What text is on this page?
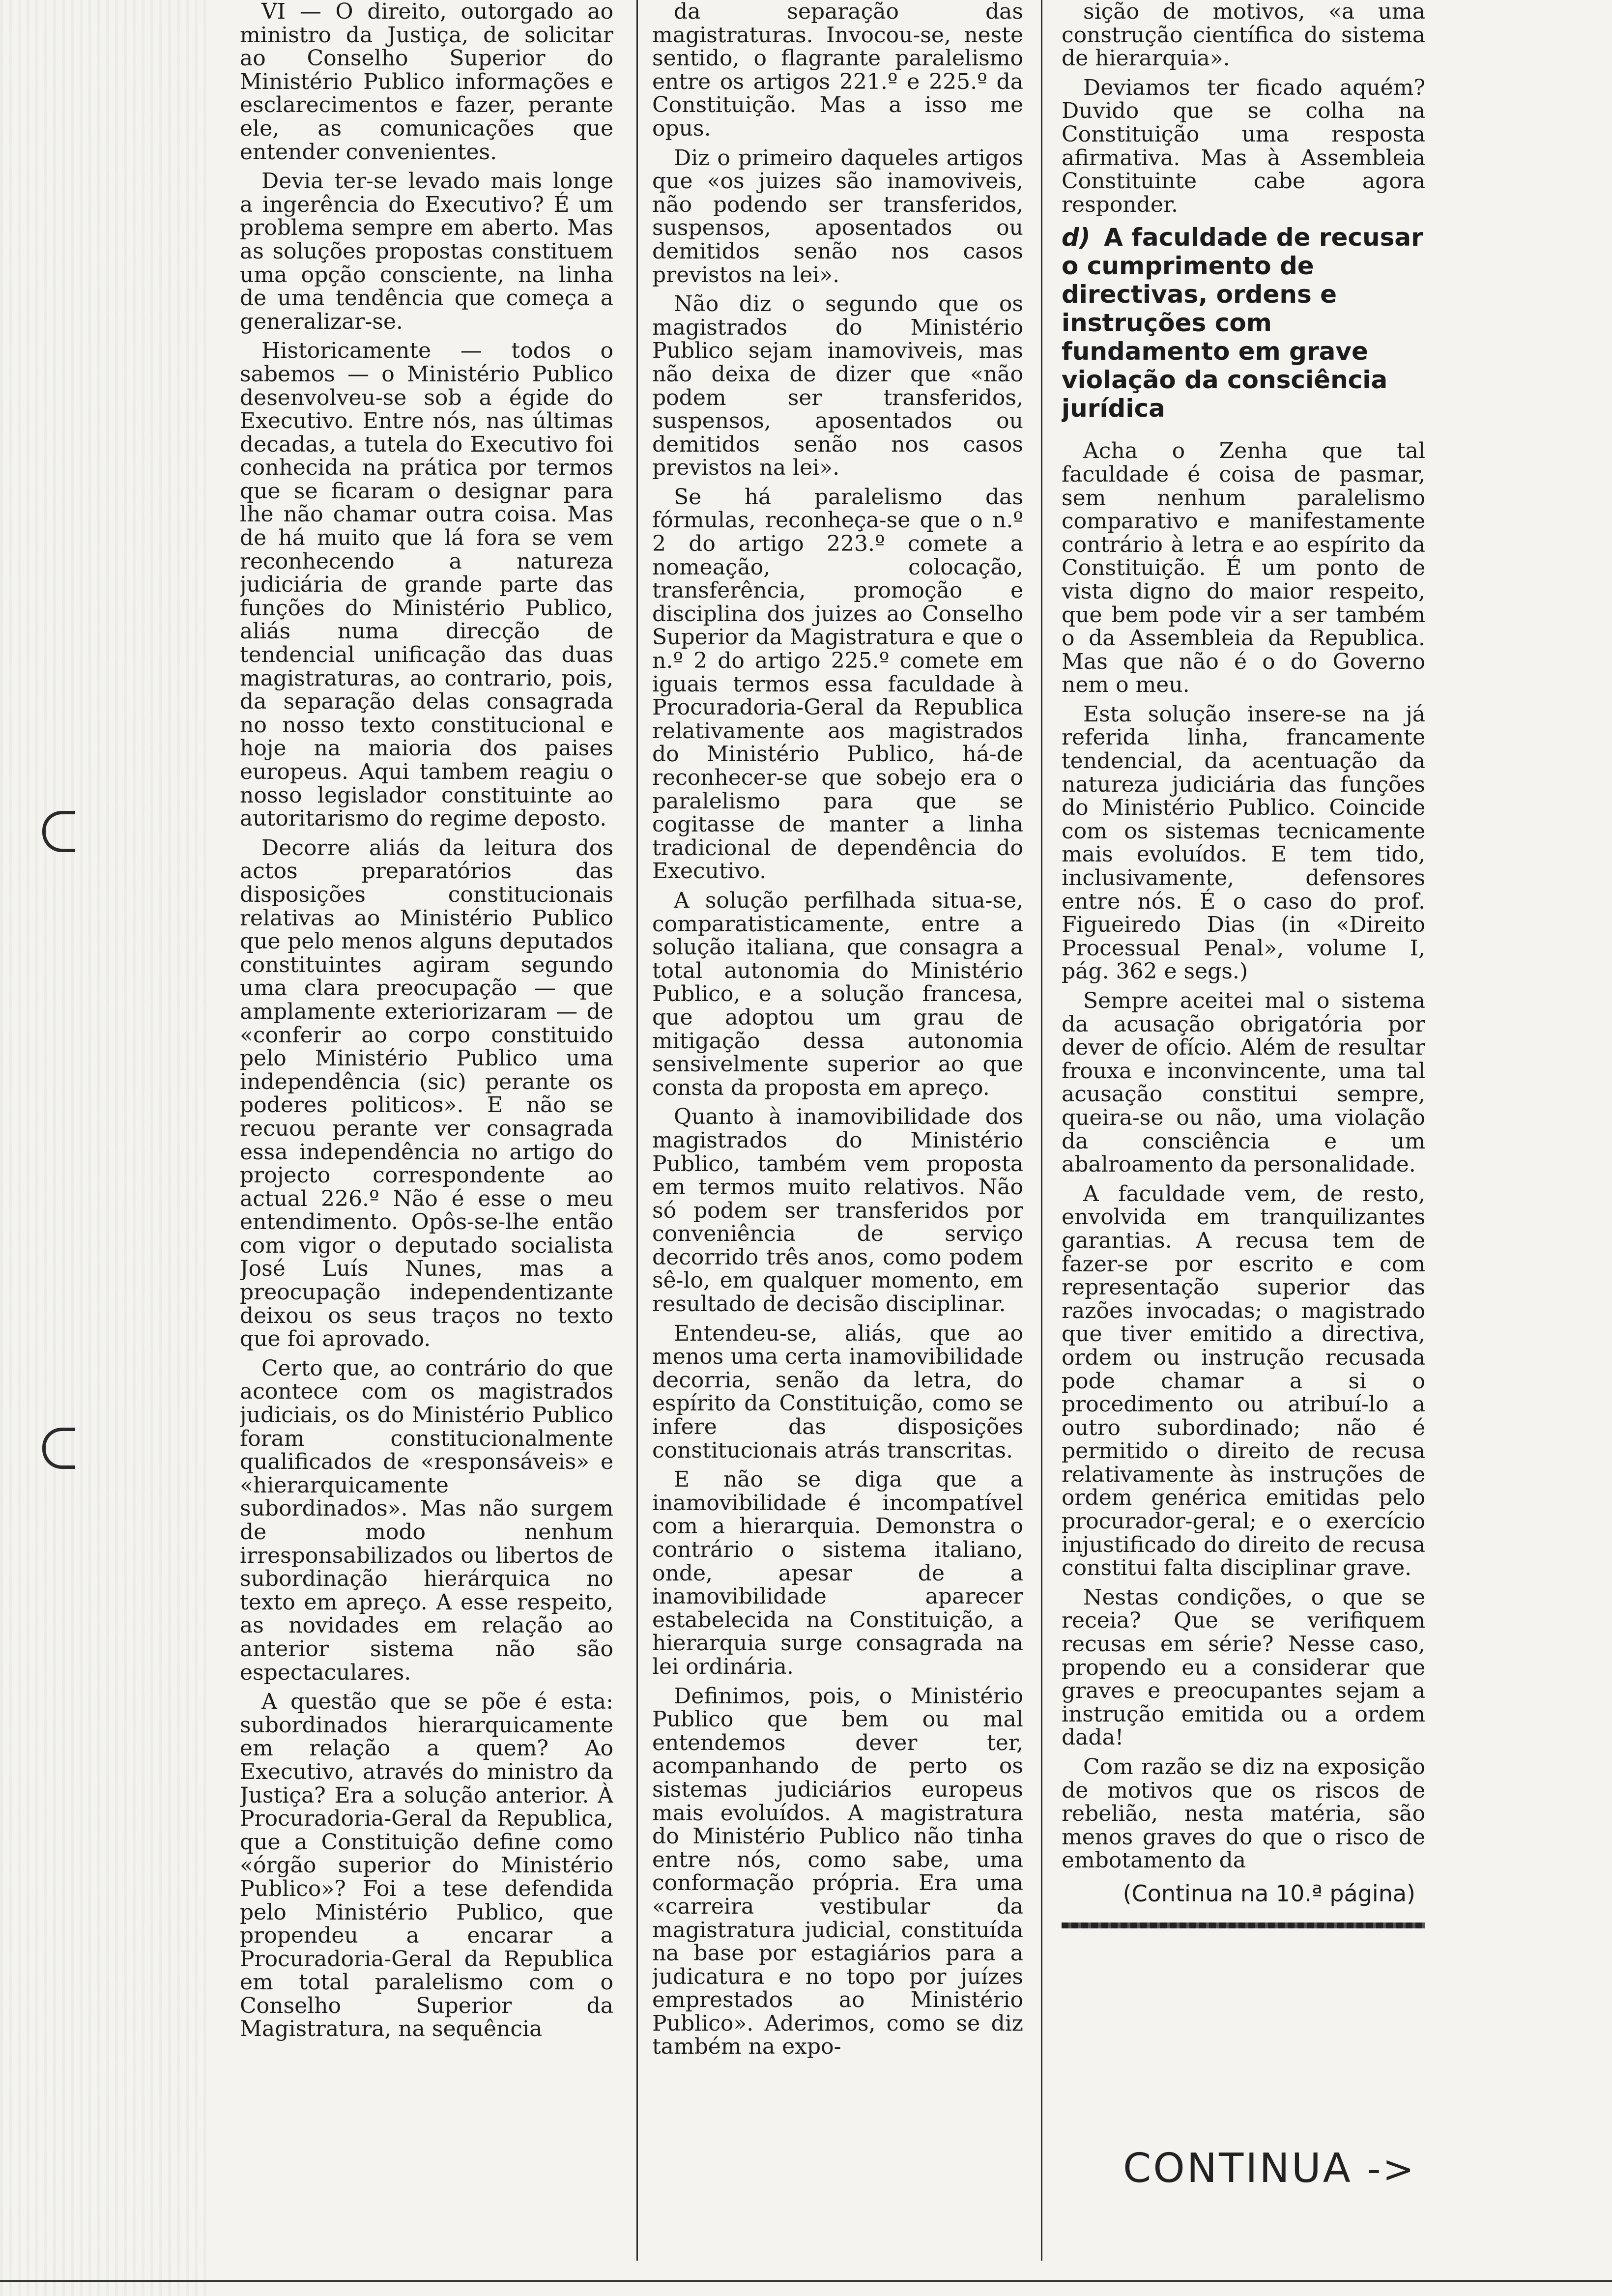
VI — O direito, outorgado ao ministro da Justiça, de solicitar ao Conselho Superior do Ministério Publico informações e esclarecimentos e fazer, perante ele, as comunicações que entender convenientes.

Devia ter-se levado mais longe a ingerência do Executivo? É um problema sempre em aberto. Mas as soluções propostas constituem uma opção consciente, na linha de uma tendência que começa a generalizar-se.

Historicamente — todos o sabemos — o Ministério Publico desenvolveu-se sob a égide do Executivo. Entre nós, nas últimas decadas, a tutela do Executivo foi conhecida na prática por termos que se ficaram o designar para lhe não chamar outra coisa. Mas de há muito que lá fora se vem reconhecendo a natureza judiciária de grande parte das funções do Ministério Publico, aliás numa direcção de tendencial unificação das duas magistraturas, ao contrario, pois, da separação delas consagrada no nosso texto constitucional e hoje na maioria dos paises europeus. Aqui tambem reagiu o nosso legislador constituinte ao autoritarismo do regime deposto.

Decorre aliás da leitura dos actos preparatórios das disposições constitucionais relativas ao Ministério Publico que pelo menos alguns deputados constituintes agiram segundo uma clara preocupação — que amplamente exteriorizaram — de «conferir ao corpo constituido pelo Ministério Publico uma independência (sic) perante os poderes politicos». E não se recuou perante ver consagrada essa independência no artigo do projecto correspondente ao actual 226.º Não é esse o meu entendimento. Opôs-se-lhe então com vigor o deputado socialista José Luís Nunes, mas a preocupação independentizante deixou os seus traços no texto que foi aprovado.

Certo que, ao contrário do que acontece com os magistrados judiciais, os do Ministério Publico foram constitucionalmente qualificados de «responsáveis» e «hierarquicamente subordinados». Mas não surgem de modo nenhum irresponsabilizados ou libertos de subordinação hierárquica no texto em apreço. A esse respeito, as novidades em relação ao anterior sistema não são espectaculares.

A questão que se põe é esta: subordinados hierarquicamente em relação a quem? Ao Executivo, através do ministro da Justiça? Era a solução anterior. À Procuradoria-Geral da Republica, que a Constituição define como «órgão superior do Ministério Publico»? Foi a tese defendida pelo Ministério Publico, que propendeu a encarar a Procuradoria-Geral da Republica em total paralelismo com o Conselho Superior da Magistratura, na sequência

da separação das magistraturas. Invocou-se, neste sentido, o flagrante paralelismo entre os artigos 221.º e 225.º da Constituição. Mas a isso me opus.

Diz o primeiro daqueles artigos que «os juizes são inamoviveis, não podendo ser transferidos, suspensos, aposentados ou demitidos senão nos casos previstos na lei».

Não diz o segundo que os magistrados do Ministério Publico sejam inamoviveis, mas não deixa de dizer que «não podem ser transferidos, suspensos, aposentados ou demitidos senão nos casos previstos na lei».

Se há paralelismo das fórmulas, reconheça-se que o n.º 2 do artigo 223.º comete a nomeação, colocação, transferência, promoção e disciplina dos juizes ao Conselho Superior da Magistratura e que o n.º 2 do artigo 225.º comete em iguais termos essa faculdade à Procuradoria-Geral da Republica relativamente aos magistrados do Ministério Publico, há-de reconhecer-se que sobejo era o paralelismo para que se cogitasse de manter a linha tradicional de dependência do Executivo.

A solução perfilhada situa-se, comparatisticamente, entre a solução italiana, que consagra a total autonomia do Ministério Publico, e a solução francesa, que adoptou um grau de mitigação dessa autonomia sensivelmente superior ao que consta da proposta em apreço.

Quanto à inamovibilidade dos magistrados do Ministério Publico, também vem proposta em termos muito relativos. Não só podem ser transferidos por conveniência de serviço decorrido três anos, como podem sê-lo, em qualquer momento, em resultado de decisão disciplinar.

Entendeu-se, aliás, que ao menos uma certa inamovibilidade decorria, senão da letra, do espírito da Constituição, como se infere das disposições constitucionais atrás transcritas.

E não se diga que a inamovibilidade é incompatível com a hierarquia. Demonstra o contrário o sistema italiano, onde, apesar de a inamovibilidade aparecer estabelecida na Constituição, a hierarquia surge consagrada na lei ordinária.

Definimos, pois, o Ministério Publico que bem ou mal entendemos dever ter, acompanhando de perto os sistemas judiciários europeus mais evoluídos. A magistratura do Ministério Publico não tinha entre nós, como sabe, uma conformação própria. Era uma «carreira vestibular da magistratura judicial, constituída na base por estagiários para a judicatura e no topo por juízes emprestados ao Ministério Publico». Aderimos, como se diz também na expo-

sição de motivos, «a uma construção científica do sistema de hierarquia».

Deviamos ter ficado aquém? Duvido que se colha na Constituição uma resposta afirmativa. Mas à Assembleia Constituinte cabe agora responder.

d) A faculdade de recusar o cumprimento de directivas, ordens e instruções com fundamento em grave violação da consciência jurídica

Acha o Zenha que tal faculdade é coisa de pasmar, sem nenhum paralelismo comparativo e manifestamente contrário à letra e ao espírito da Constituição. É um ponto de vista digno do maior respeito, que bem pode vir a ser também o da Assembleia da Republica. Mas que não é o do Governo nem o meu.

Esta solução insere-se na já referida linha, francamente tendencial, da acentuação da natureza judiciária das funções do Ministério Publico. Coincide com os sistemas tecnicamente mais evoluídos. E tem tido, inclusivamente, defensores entre nós. É o caso do prof. Figueiredo Dias (in «Direito Processual Penal», volume I, pág. 362 e segs.)

Sempre aceitei mal o sistema da acusação obrigatória por dever de ofício. Além de resultar frouxa e inconvincente, uma tal acusação constitui sempre, queira-se ou não, uma violação da consciência e um abalroamento da personalidade.

A faculdade vem, de resto, envolvida em tranquilizantes garantias. A recusa tem de fazer-se por escrito e com representação superior das razões invocadas; o magistrado que tiver emitido a directiva, ordem ou instrução recusada pode chamar a si o procedimento ou atribuí-lo a outro subordinado; não é permitido o direito de recusa relativamente às instruções de ordem genérica emitidas pelo procurador-geral; e o exercício injustificado do direito de recusa constitui falta disciplinar grave.

Nestas condições, o que se receia? Que se verifiquem recusas em série? Nesse caso, propendo eu a considerar que graves e preocupantes sejam a instrução emitida ou a ordem dada!

Com razão se diz na exposição de motivos que os riscos de rebelião, nesta matéria, são menos graves do que o risco de embotamento da

(Continua na 10.ª página)
CONTINUA ->
